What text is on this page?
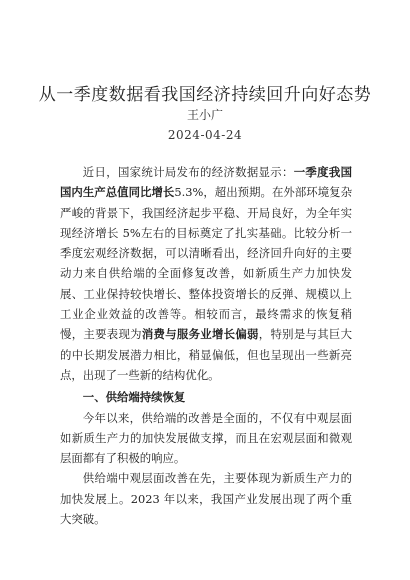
从一季度数据看我国经济持续回升向好态势
王小广
2024-04-24

近日，国家统计局发布的经济数据显示：一季度我国国内生产总值同比增长5.3%，超出预期。在外部环境复杂严峻的背景下，我国经济起步平稳、开局良好，为全年实现经济增长 5%左右的目标奠定了扎实基础。比较分析一季度宏观经济数据，可以清晰看出，经济回升向好的主要动力来自供给端的全面修复改善，如新质生产力加快发展、工业保持较快增长、整体投资增长的反弹、规模以上工业企业效益的改善等。相较而言，最终需求的恢复稍慢，主要表现为消费与服务业增长偏弱，特别是与其巨大的中长期发展潜力相比，稍显偏低，但也呈现出一些新亮点，出现了一些新的结构优化。

一、供给端持续恢复

今年以来，供给端的改善是全面的，不仅有中观层面如新质生产力的加快发展做支撑，而且在宏观层面和微观层面都有了积极的响应。

供给端中观层面改善在先，主要体现为新质生产力的加快发展上。2023 年以来，我国产业发展出现了两个重大突破。
